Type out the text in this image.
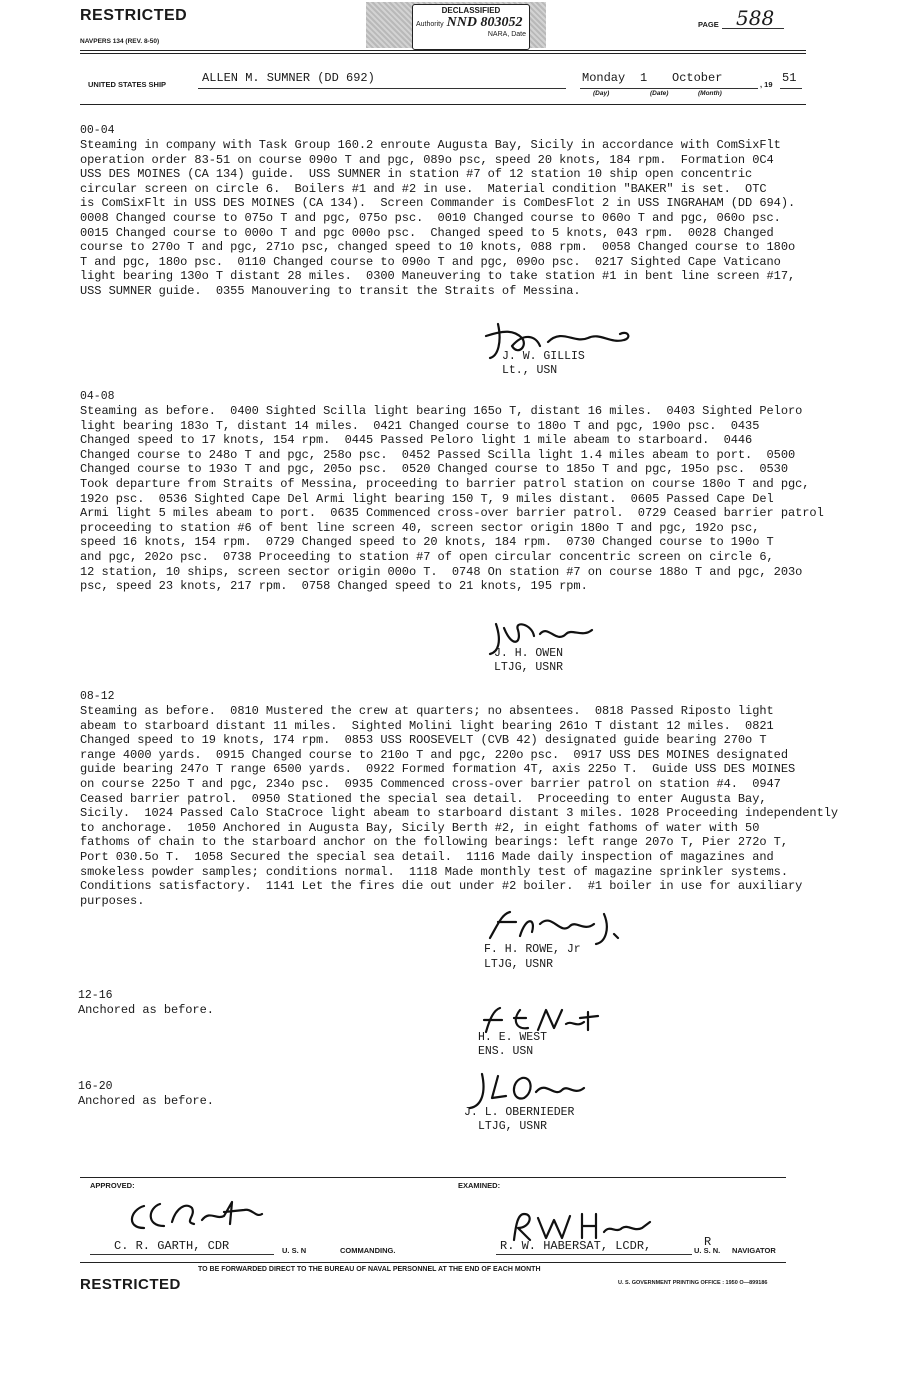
RESTRICTED
NAVPERS 134 (REV. 8-50)
DECLASSIFIED
Authority NND 803052
NARA, Date
PAGE 588
UNITED STATES SHIP	ALLEN M. SUMNER (DD 692)	Monday 1 October	, 19 51
(Day)	(Date)	(Month)
00-04
Steaming in company with Task Group 160.2 enroute Augusta Bay, Sicily in accordance with ComSixFlt
operation order 83-51 on course 090o T and pgc, 089o psc, speed 20 knots, 184 rpm.  Formation 0C4
USS DES MOINES (CA 134) guide.  USS SUMNER in station #7 of 12 station 10 ship open concentric
circular screen on circle 6.  Boilers #1 and #2 in use.  Material condition "BAKER" is set.  OTC
is ComSixFlt in USS DES MOINES (CA 134).  Screen Commander is ComDesFlot 2 in USS INGRAHAM (DD 694).
0008 Changed course to 075o T and pgc, 075o psc.  0010 Changed course to 060o T and pgc, 060o psc.
0015 Changed course to 000o T and pgc 000o psc.  Changed speed to 5 knots, 043 rpm.  0028 Changed
course to 270o T and pgc, 271o psc, changed speed to 10 knots, 088 rpm.  0058 Changed course to 180o
T and pgc, 180o psc.  0110 Changed course to 090o T and pgc, 090o psc.  0217 Sighted Cape Vaticano
light bearing 130o T distant 28 miles.  0300 Maneuvering to take station #1 in bent line screen #17,
USS SUMNER guide.  0355 Manouvering to transit the Straits of Messina.
J. W. GILLIS
Lt., USN
04-08
Steaming as before.  0400 Sighted Scilla light bearing 165o T, distant 16 miles.  0403 Sighted Peloro
light bearing 183o T, distant 14 miles.  0421 Changed course to 180o T and pgc, 190o psc.  0435
Changed speed to 17 knots, 154 rpm.  0445 Passed Peloro light 1 mile abeam to starboard.  0446
Changed course to 248o T and pgc, 258o psc.  0452 Passed Scilla light 1.4 miles abeam to port.  0500
Changed course to 193o T and pgc, 205o psc.  0520 Changed course to 185o T and pgc, 195o psc.  0530
Took departure from Straits of Messina, proceeding to barrier patrol station on course 180o T and pgc,
192o psc.  0536 Sighted Cape Del Armi light bearing 150 T, 9 miles distant.  0605 Passed Cape Del
Armi light 5 miles abeam to port.  0635 Commenced cross-over barrier patrol.  0729 Ceased barrier patrol
proceeding to station #6 of bent line screen 40, screen sector origin 180o T and pgc, 192o psc,
speed 16 knots, 154 rpm.  0729 Changed speed to 20 knots, 184 rpm.  0730 Changed course to 190o T
and pgc, 202o psc.  0738 Proceeding to station #7 of open circular concentric screen on circle 6,
12 station, 10 ships, screen sector origin 000o T.  0748 On station #7 on course 188o T and pgc, 203o
psc, speed 23 knots, 217 rpm.  0758 Changed speed to 21 knots, 195 rpm.
J. H. OWEN
LTJG, USNR
08-12
Steaming as before.  0810 Mustered the crew at quarters; no absentees.  0818 Passed Riposto light
abeam to starboard distant 11 miles.  Sighted Molini light bearing 261o T distant 12 miles.  0821
Changed speed to 19 knots, 174 rpm.  0853 USS ROOSEVELT (CVB 42) designated guide bearing 270o T
range 4000 yards.  0915 Changed course to 210o T and pgc, 220o psc.  0917 USS DES MOINES designated
guide bearing 247o T range 6500 yards.  0922 Formed formation 4T, axis 225o T.  Guide USS DES MOINES
on course 225o T and pgc, 234o psc.  0935 Commenced cross-over barrier patrol on station #4.  0947
Ceased barrier patrol.  0950 Stationed the special sea detail.  Proceeding to enter Augusta Bay,
Sicily.  1024 Passed Calo StaCroce light abeam to starboard distant 3 miles. 1028 Proceeding independently
to anchorage.  1050 Anchored in Augusta Bay, Sicily Berth #2, in eight fathoms of water with 50
fathoms of chain to the starboard anchor on the following bearings: left range 207o T, Pier 272o T,
Port 030.5o T.  1058 Secured the special sea detail.  1116 Made daily inspection of magazines and
smokeless powder samples; conditions normal.  1118 Made monthly test of magazine sprinkler systems.
Conditions satisfactory.  1141 Let the fires die out under #2 boiler.  #1 boiler in use for auxiliary
purposes.
F. H. ROWE, Jr
LTJG, USNR
12-16
Anchored as before.
H. E. WEST
ENS. USN
16-20
Anchored as before.
J. L. OBERNIEDER
LTJG, USNR
APPROVED:	EXAMINED:
C. R. GARTH, CDR	U. S. N	COMMANDING.	R. W. HABERSAT, LCDR,	U. S. N.
R
NAVIGATOR
TO BE FORWARDED DIRECT TO THE BUREAU OF NAVAL PERSONNEL AT THE END OF EACH MONTH
RESTRICTED	U. S. GOVERNMENT PRINTING OFFICE : 1950 O—899186
